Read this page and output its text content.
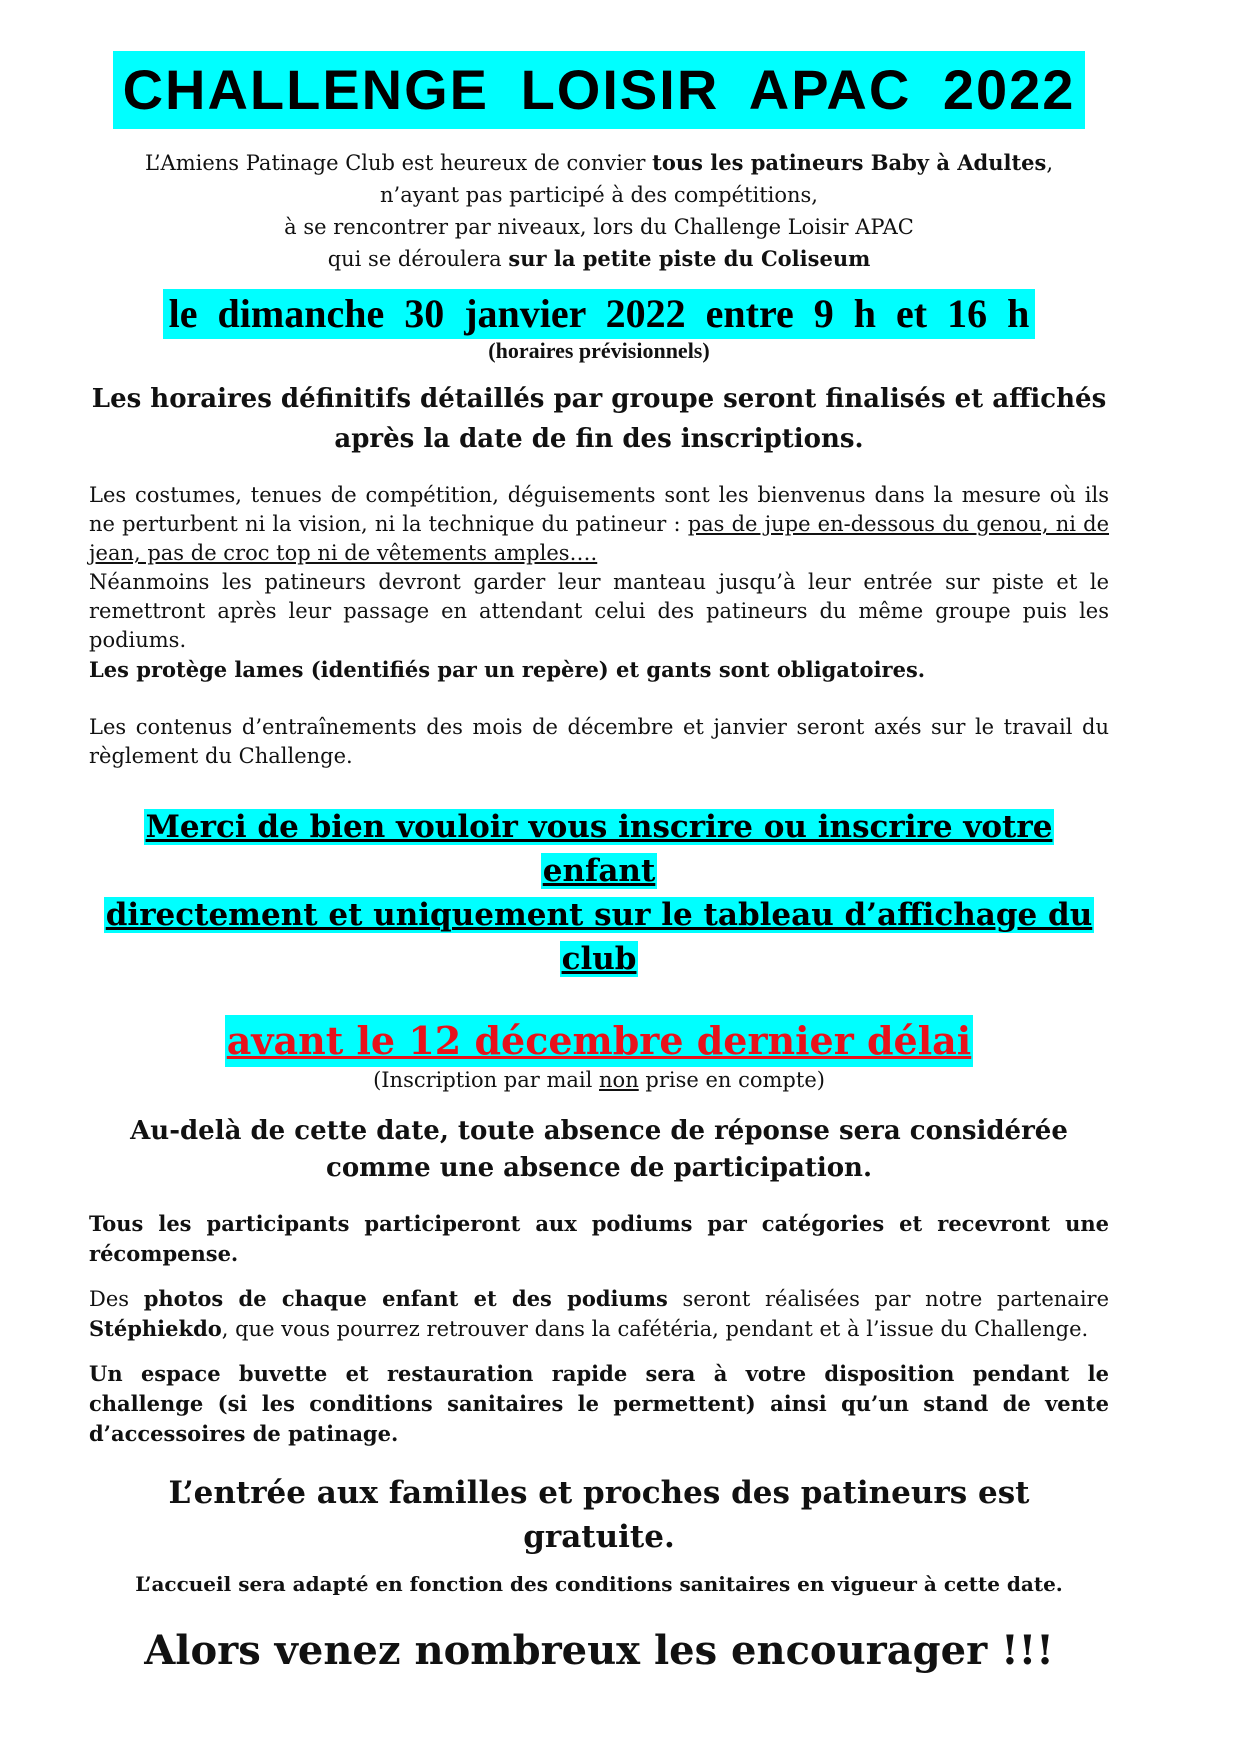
CHALLENGE LOISIR APAC 2022
L’Amiens Patinage Club est heureux de convier tous les patineurs Baby à Adultes,
n’ayant pas participé à des compétitions,
à se rencontrer par niveaux, lors du Challenge Loisir APAC
qui se déroulera sur la petite piste du Coliseum
le dimanche 30 janvier 2022 entre 9 h et 16 h
(horaires prévisionnels)
Les horaires définitifs détaillés par groupe seront finalisés et affichés après la date de fin des inscriptions.

Les costumes, tenues de compétition, déguisements sont les bienvenus dans la mesure où ils ne perturbent ni la vision, ni la technique du patineur : pas de jupe en-dessous du genou, ni de jean, pas de croc top ni de vêtements amples….

Néanmoins les patineurs devront garder leur manteau jusqu’à leur entrée sur piste et le remettront après leur passage en attendant celui des patineurs du même groupe puis les podiums.

Les protège lames (identifiés par un repère) et gants sont obligatoires.

Les contenus d’entraînements des mois de décembre et janvier seront axés sur le travail du règlement du Challenge.

Merci de bien vouloir vous inscrire ou inscrire votre enfant
directement et uniquement sur le tableau d’affichage du club
avant le 12 décembre dernier délai
(Inscription par mail non prise en compte)
Au-delà de cette date, toute absence de réponse sera considérée comme une absence de participation.

Tous les participants participeront aux podiums par catégories et recevront une récompense.

Des photos de chaque enfant et des podiums seront réalisées par notre partenaire Stéphiekdo, que vous pourrez retrouver dans la cafétéria, pendant et à l’issue du Challenge.

Un espace buvette et restauration rapide sera à votre disposition pendant le challenge (si les conditions sanitaires le permettent) ainsi qu’un stand de vente d’accessoires de patinage.

L’entrée aux familles et proches des patineurs est gratuite.
L’accueil sera adapté en fonction des conditions sanitaires en vigueur à cette date.
Alors venez nombreux les encourager !!!
